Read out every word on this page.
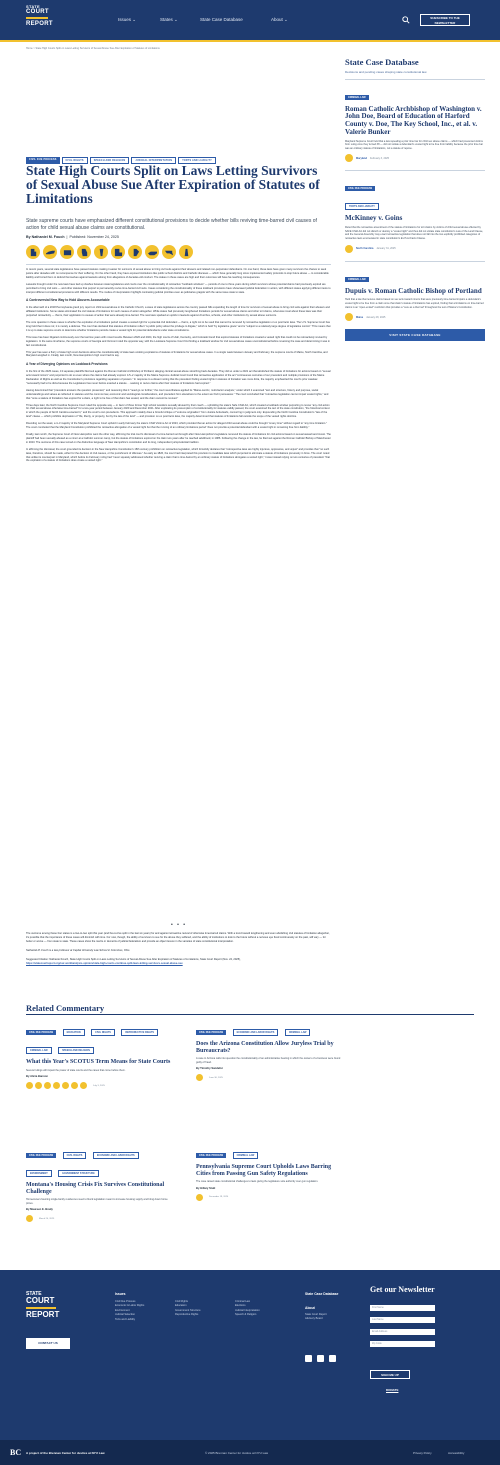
STATE
COURT
REPORT
Issues ⌄	States ⌄	State Case Database	About ⌄	SUBSCRIBE TO THE NEWSLETTER
Home > State High Courts Split on Laws Letting Survivors of Sexual Abuse Sue After Expiration of Statutes of Limitations
CIVIL DUE PROCESS	CIVIL RIGHTS	SPEECH AND RELIGION	JUDICIAL INTERPRETATION	TORTS AND LIABILITY
State High Courts Split on Laws Letting Survivors of Sexual Abuse Sue After Expiration of Statutes of Limitations

State supreme courts have emphasized different constitutional provisions to decide whether bills reviving time-barred civil causes of action for child sexual abuse claims are constitutional.

By Nathaniel M. Fouch  |  Published: November 24, 2025

In recent years, several state legislatures have passed statutes making it easier for survivors of sexual abuse to bring civil suits against their abusers and related non-perpetrator defendants. On one hand, these laws have given many survivors the chance to seek justice after decades with no recompense for their suffering. On the other hand, they have exposed institutions like public school districts and Catholic dioceses — which have generally long since implemented safety protocols to stop future abuse — to considerable liability and forced them to defend themselves against lawsuits arising from allegations of decades-old conduct. The stakes in these cases are high and their outcomes will have far-reaching consequences.

Lawsuits brought under the new laws have tied up clashes between state legislatures and courts over the constitutionality of retroactive "lookback windows" — periods of one to three years during which survivors whose potential claims had previously expired are permitted to bring civil suits — and other statutes that purport to permanently revive time-barred civil suits. Cases considering the constitutionality of these lookback provisions have showcased judicial federalism in action, with different states applying different tests to interpret different constitutional provisions with different results. The modes of interpretation highlight contrasting judicial priorities even as judiciaries grapple with the same issue state to state.

A Controversial New Way to Hold Abusers Accountable

In the aftermath of a 2018 Pennsylvania grand jury report on child sexual abuse in the Catholic Church, a wave of state legislatures across the country passed bills expanding the length of time for survivors of sexual abuse to bring civil suits against their abusers and affiliated institutions. Some states eliminated the civil statute of limitations for such causes of action altogether. While states had previously lengthened limitations periods for sexual abuse claims and other tort claims, what was novel about these laws was their purported retroactivity — that is, their application to causes of action that were already time-barred. The new laws sparked an uptick in lawsuits against churches, schools, and other institutions by sexual abuse survivors.

The core question in these cases is whether the expiration of a limitations period creates a vested right for a potential civil defendant — that is, a right not to be sued that cannot be removed by retroactive legislation or ex post facto laws. The U.S. Supreme Court has long held that it does not; it is merely a defense. The court has declared that statutes of limitation reflect "a public policy about the privilege to litigate," which is held "by legislative grace" and is "subject to a relatively large degree of legislative control." This means that it is up to state supreme courts to determine whether limitations periods create a vested right for potential defendants under state constitutions.

This issue has been litigated continuously over the last few years with mixed results. Between 2020 and 2024, the high courts of Utah, Kentucky, and Colorado found that expired statutes of limitations created a vested right that could not be retroactively revived by legislation. In the same timeframe, the supreme courts of Georgia and Vermont ruled the opposite way, with the Louisiana Supreme Court first finding a lookback window for civil sexual abuse cases unconstitutional before reversing the case and determining it was in fact constitutional.

This year has seen a flurry of state high court decisions about the constitutionality of state laws undoing expirations of statutes of limitations for sexual abuse cases. In a single week between January and February, the supreme courts of Maine, North Carolina, and Maryland weighed in. Finally, last month, New Hampshire's high court had its say.

A Year of Diverging Opinions on Lookback Provisions

In the first of the 2025 cases, 13 separate plaintiffs filed suit against the Roman Catholic Archbishop of Portland, alleging clerical sexual abuse stretching back decades. They did so under a 2021 act that abolished the statute of limitations for actions based on "sexual acts toward minors" and purported to do so even where the claims had already expired. A 5–2 majority of the Maine Supreme Judicial Court found that retroactive application of the act "contravenes centuries of our precedent and multiple provisions of the Maine Declaration of Rights as well as the Constitution's provisions regarding separation of powers." In response to a dissent noting that the precedent finding vested rights in statutes of limitation was more dicta, the majority emphasized the court's prior caselaw "necessarily had to be dicta because the Legislature has never before enacted a statute ... seeking to revive claims after their statutes of limitations had expired."

Having determined that "precedent answers the question presented," and reasoning that it "need go no further," the court nevertheless applied its "Maine-centric, multi-factor analysis," under which it examined "text and structure, history and purpose, social understandings and values as reflected in statutes and the common law, economic and sociological considerations, and precedent from elsewhere to the extent we find it persuasive." The court concluded that "retroactive legislation cannot impair vested rights," and that "once a statute of limitations has expired for a claim, a right to be free of that claim has vested, and the claim cannot be revived."

Three days later, the North Carolina Supreme Court ruled the opposite way — in favor of three former high school wrestlers sexually abused by their coach — upholding the state's Safe Child Act, which created a lookback window purporting to revive "any civil action for child sexual abuse otherwise time-barred" for a two-year period between January 2020 and December 2021. After explicating its presumption of constitutionality for statutes validly passed, the court examined the text of the state constitution, "the historical context in which the people of North Carolina enacted it," and the court's own precedents. This approach notably drew a forceful critique of "extreme originalism" from Justice Anita Earls, concurring in judgment only. Expounding the North Carolina Constitution's "law of the land" clause — which prohibits deprivation of "life, liberty, or property, but by the law of the land" — and provision on ex post facto laws, the majority determined that statutes of limitations fall outside the scope of the vested rights doctrine.

Rounding out the week, a 4–3 majority of the Maryland Supreme Court upheld in early February the state's Child Victims Act of 2023, which provided that an action for alleged child sexual abuse could be brought "at any time" without regard to "any time limitation." The court concluded that the Maryland Constitution prohibited the retroactive abrogation of a vested right but that the running of an ordinary limitations period "does not provide a potential defendant with a vested right in remaining free from liability."

Finally, last month, the Supreme Court of New Hampshire went the other way, affirming the trial court's dismissal of a time-barred suit brought after New Hampshire's legislature removed the statute of limitations for civil actions based on sexual assault and incest. The plaintiff had been sexually abused as a minor at a Catholic summer camp, but the statute of limitations expired on his claim two years after he reached adulthood, in 1986. Following the change in the law, he filed suit against the Roman Catholic Bishop of Manchester in 2023. The outcome of this case turned on the distinctive language of New Hampshire's constitution and its long, independent jurisprudential tradition.

In affirming the dismissal, the court grounded its decision in the New Hampshire Constitution's 18th century prohibition on retroactive legislation, which forcefully declares that "retrospective laws are highly injurious, oppressive, and unjust" and provides that "no such laws, therefore, should be made, either for the decision of civil causes, or the punishment of offenses." As early as 1826, the court had interpreted this provision to invalidate laws which purported to eliminate a statute of limitations previously in force. The court noted that unlike its counterpart in Maryland, which before its February ruling had "never squarely addressed whether reviving a claim that is time-barred by an ordinary statute of limitations abrogates a vested right," it was instead relying on two centuries of precedent "that the expiration of a statute of limitations does create a vested right."

• • •

The outcome among these four states is a two-to-two split this year (and five-to-five split in the last six years) for and against retroactive revival of otherwise time-barred claims. With a trend toward lengthening and even abolishing civil statutes of limitation altogether, it's possible that the importance of these cases will diminish with time. For now, though, the ability of survivors to sue for the abuse they suffered, and the ability of institutions to look to the future without a nervous eye fixed continuously on the past, will vary — for better or worse — from state to state. These cases show the merits or demerits of judicial federalism and provide an object lesson in the varieties of state constitutional interpretation.

Nathaniel M. Fouch is a law professor at Capital University Law School in Columbus, Ohio.

Suggested Citation: Nathaniel Fouch, State High Courts Split on Laws Letting Survivors of Sexual Abuse Sue After Expiration of Statutes of Limitations, State Court Report (Nov. 24, 2025),

https://statecourtreport.org/our-work/analysis-opinion/state-high-courts-continue-split-laws-letting-survivors-sexual-abuse-sue

State Case Database
Decisions and pending cases shaping state constitutional law.
CRIMINAL LAW
Roman Catholic Archbishop of Washington v. John Doe, Board of Education of Harford County v. Doe, The Key School, Inc., et al. v. Valerie Bunker
Maryland Supreme Court held that a law repealing a prior time bar for child sex abuse claims — which had prevented victims from suing once they turned 38 — did not violate a defendant's vested right to be free from liability because the prior time bar was an ordinary statute of limitations, not a statute of repose.
Maryland February 3, 2025
CIVIL DUE PROCESS
TORTS AND LIABILITY
McKinney v. Goins
Ruled that the retroactive amendment of the statute of limitations for tort claims by victims of child sexual abuse effected by SAFE Child Act did not disturb or destroy a "vested right" and thus did not violate state constitution's Law of the Land Clause, and the General Assembly may enact retroactive legislation that does not fall into the two explicitly prohibited categories of retroactive laws enumerated in state constitution's Ex Post Facto Clause.
North Carolina January 31, 2025
CRIMINAL LAW
Dupuis v. Roman Catholic Bishop of Portland
Held that a law that revives claims based on sex acts toward minors that were previously time-barred impairs a defendant's vested right to be free from a claim once that claim's statute of limitations has expired, finding that a limitations on time-barred claims is an "open-ended" restriction that provides a "sure as a thermal" throughout the text of Maine's Constitution.
Maine January 28, 2025
VISIT STATE CASE DATABASE
Related Commentary
CIVIL DUE PROCESS	EDUCATION	CIVIL RIGHTS	REPRODUCTIVE RIGHTS CRIMINAL LAW	SPEECH AND RELIGION
What this Year's SCOTUS Term Means for State Courts
Several rulings will impact the power of state courts and the cases that come before them.
By Alicia Bannon
July 3, 2025
CIVIL DUE PROCESS	ECONOMIC AND LABOR RIGHTS	CRIMINAL LAW
Does the Arizona Constitution Allow Juryless Trial by Bureaucrats?
A case in Arizona calls into question the constitutionality of an administrative hearing in which the owners of a business were found guilty of fraud.
By Timothy Sandefur
June 30, 2025
CIVIL DUE PROCESS	CIVIL RIGHTS	ECONOMIC AND LABOR RIGHTS ENVIRONMENT	GOVERNMENT STRUCTURE
Montana's Housing Crisis Fix Survives Constitutional Challenge
Homeowners favoring single-family residences sued to block legislation meant to increase housing supply and bring down home prices.
By Maureen E. Brady
March 20, 2025
CIVIL DUE PROCESS	CRIMINAL LAW
Pennsylvania Supreme Court Upholds Laws Barring Cities from Passing Gun Safety Regulations
The case raised state constitutional challenges to laws giving the legislature sole authority over gun regulation.
By Hillary Stutt
December 19, 2024
STATE
COURT
REPORT
CONTACT US
Issues
Civil Due Process
Economic & Labor Rights
Environment
Judicial Selection
Torts and Liability
Civil Rights
Education
Government Structure
Reproductive Rights
Criminal Law
Elections
Judicial Interpretation
Speech & Religion
State Case Database
About
State Court Report
Advisory Board
Get our Newsletter
First Name
Last Name
Email Address
Zip Code
SIGN ME UP
DONATE
BC A project of the Brennan Center for Justice at NYU Law	© 2025 Brennan Center for Justice at NYU Law	Privacy Policy	Accessibility
